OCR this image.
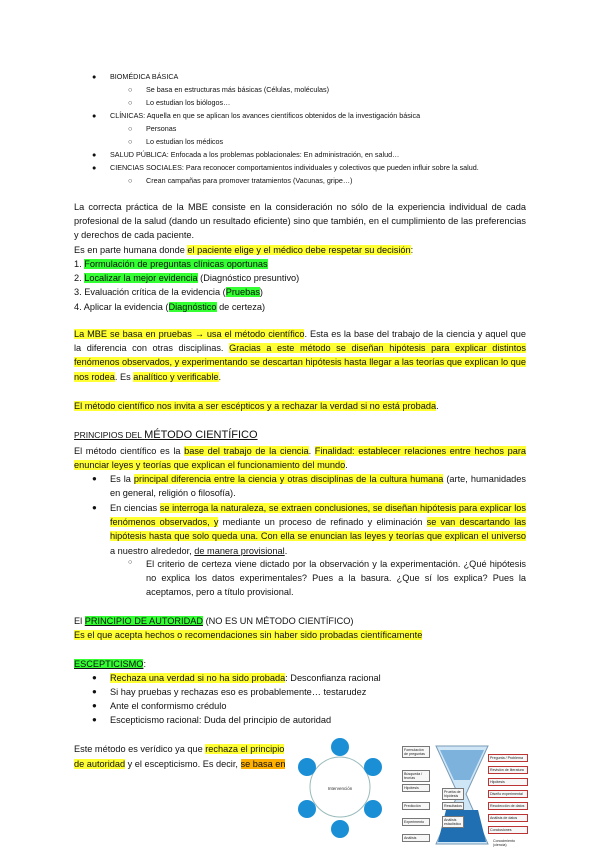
● BIOMÉDICA BÁSICA
○ Se basa en estructuras más básicas (Células, moléculas)
○ Lo estudian los biólogos…
● CLÍNICAS: Aquella en que se aplican los avances científicos obtenidos de la investigación básica
○ Personas
○ Lo estudian los médicos
● SALUD PÚBLICA: Enfocada a los problemas poblacionales: En administración, en salud…
● CIENCIAS SOCIALES: Para reconocer comportamientos individuales y colectivos que pueden influir sobre la salud.
○ Crean campañas para promover tratamientos (Vacunas, gripe…)
La correcta práctica de la MBE consiste en la consideración no sólo de la experiencia individual de cada profesional de la salud (dando un resultado eficiente) sino que también, en el cumplimiento de las preferencias y derechos de cada paciente.
Es en parte humana donde el paciente elige y el médico debe respetar su decisión:
1. Formulación de preguntas clínicas oportunas
2. Localizar la mejor evidencia (Diagnóstico presuntivo)
3. Evaluación crítica de la evidencia (Pruebas)
4. Aplicar la evidencia (Diagnóstico de certeza)
La MBE se basa en pruebas → usa el método científico. Esta es la base del trabajo de la ciencia y aquel que la diferencia con otras disciplinas. Gracias a este método se diseñan hipótesis para explicar distintos fenómenos observados, y experimentando se descartan hipótesis hasta llegar a las teorías que explican lo que nos rodea. Es analítico y verificable.
El método científico nos invita a ser escépticos y a rechazar la verdad si no está probada.
PRINCIPIOS DEL MÉTODO CIENTÍFICO
El método científico es la base del trabajo de la ciencia. Finalidad: establecer relaciones entre hechos para enunciar leyes y teorías que explican el funcionamiento del mundo.
● Es la principal diferencia entre la ciencia y otras disciplinas de la cultura humana (arte, humanidades en general, religión o filosofía).
● En ciencias se interroga la naturaleza, se extraen conclusiones, se diseñan hipótesis para explicar los fenómenos observados, y mediante un proceso de refinado y eliminación se van descartando las hipótesis hasta que solo queda una. Con ella se enuncian las leyes y teorías que explican el universo a nuestro alrededor, de manera provisional.
○ El criterio de certeza viene dictado por la observación y la experimentación. ¿Qué hipótesis no explica los datos experimentales? Pues a la basura. ¿Que sí los explica? Pues la aceptamos, pero a título provisional.
El PRINCIPIO DE AUTORIDAD (NO ES UN MÉTODO CIENTÍFICO)
Es el que acepta hechos o recomendaciones sin haber sido probadas científicamente
ESCEPTICISMO:
● Rechaza una verdad si no ha sido probada: Desconfianza racional
● Si hay pruebas y rechazas eso es probablemente… testarudez
● Ante el conformismo crédulo
● Escepticismo racional: Duda del principio de autoridad
Este método es verídico ya que rechaza el principio de autoridad y el escepticismo. Es decir, se basa en
Intervención
Formulación de preguntas
Búsqueda / teorías
Hipótesis
Predicción
Experimento
Análisis
Prueba de hipótesis
Resultados
Análisis estadístico
Pregunta / Problema
Revisión de literatura
Hipótesis
Diseño experimental
Recolección de datos
Análisis de datos
Conclusiones
Conocimiento (ciencia)
